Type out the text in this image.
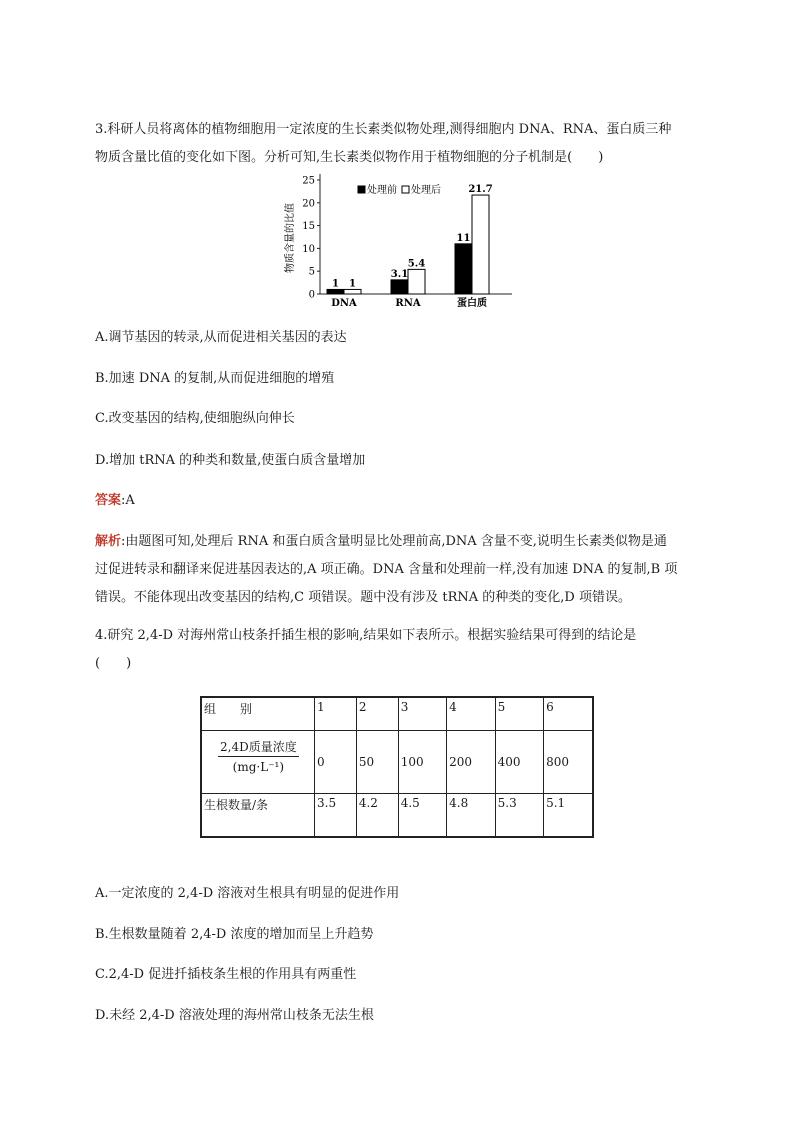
3.科研人员将离体的植物细胞用一定浓度的生长素类似物处理,测得细胞内 DNA、RNA、蛋白质三种
物质含量比值的变化如下图。分析可知,生长素类似物作用于植物细胞的分子机制是(　　)

物质含量的比值
0
5
10
15
20
25
1 1
3.1
5.4
11
21.7
DNA	RNA	蛋白质
处理前 处理后

A.调节基因的转录,从而促进相关基因的表达

B.加速 DNA 的复制,从而促进细胞的增殖

C.改变基因的结构,使细胞纵向伸长

D.增加 tRNA 的种类和数量,使蛋白质含量增加

答案:A

解析:由题图可知,处理后 RNA 和蛋白质含量明显比处理前高,DNA 含量不变,说明生长素类似物是通
过促进转录和翻译来促进基因表达的,A 项正确。DNA 含量和处理前一样,没有加速 DNA 的复制,B 项
错误。不能体现出改变基因的结构,C 项错误。题中没有涉及 tRNA 的种类的变化,D 项错误。

4.研究 2,4-D 对海州常山枝条扦插生根的影响,结果如下表所示。根据实验结果可得到的结论是
(　　)

组　　别	1	2	3	4	5	6

$\frac{\text{2,4D质量浓度}}{\text{(mg·L⁻¹)}}$	0	50	100	200	400	800
生根数量/条	3.5	4.2	4.5	4.8	5.3	5.1

A.一定浓度的 2,4-D 溶液对生根具有明显的促进作用

B.生根数量随着 2,4-D 浓度的增加而呈上升趋势

C.2,4-D 促进扦插枝条生根的作用具有两重性

D.未经 2,4-D 溶液处理的海州常山枝条无法生根
